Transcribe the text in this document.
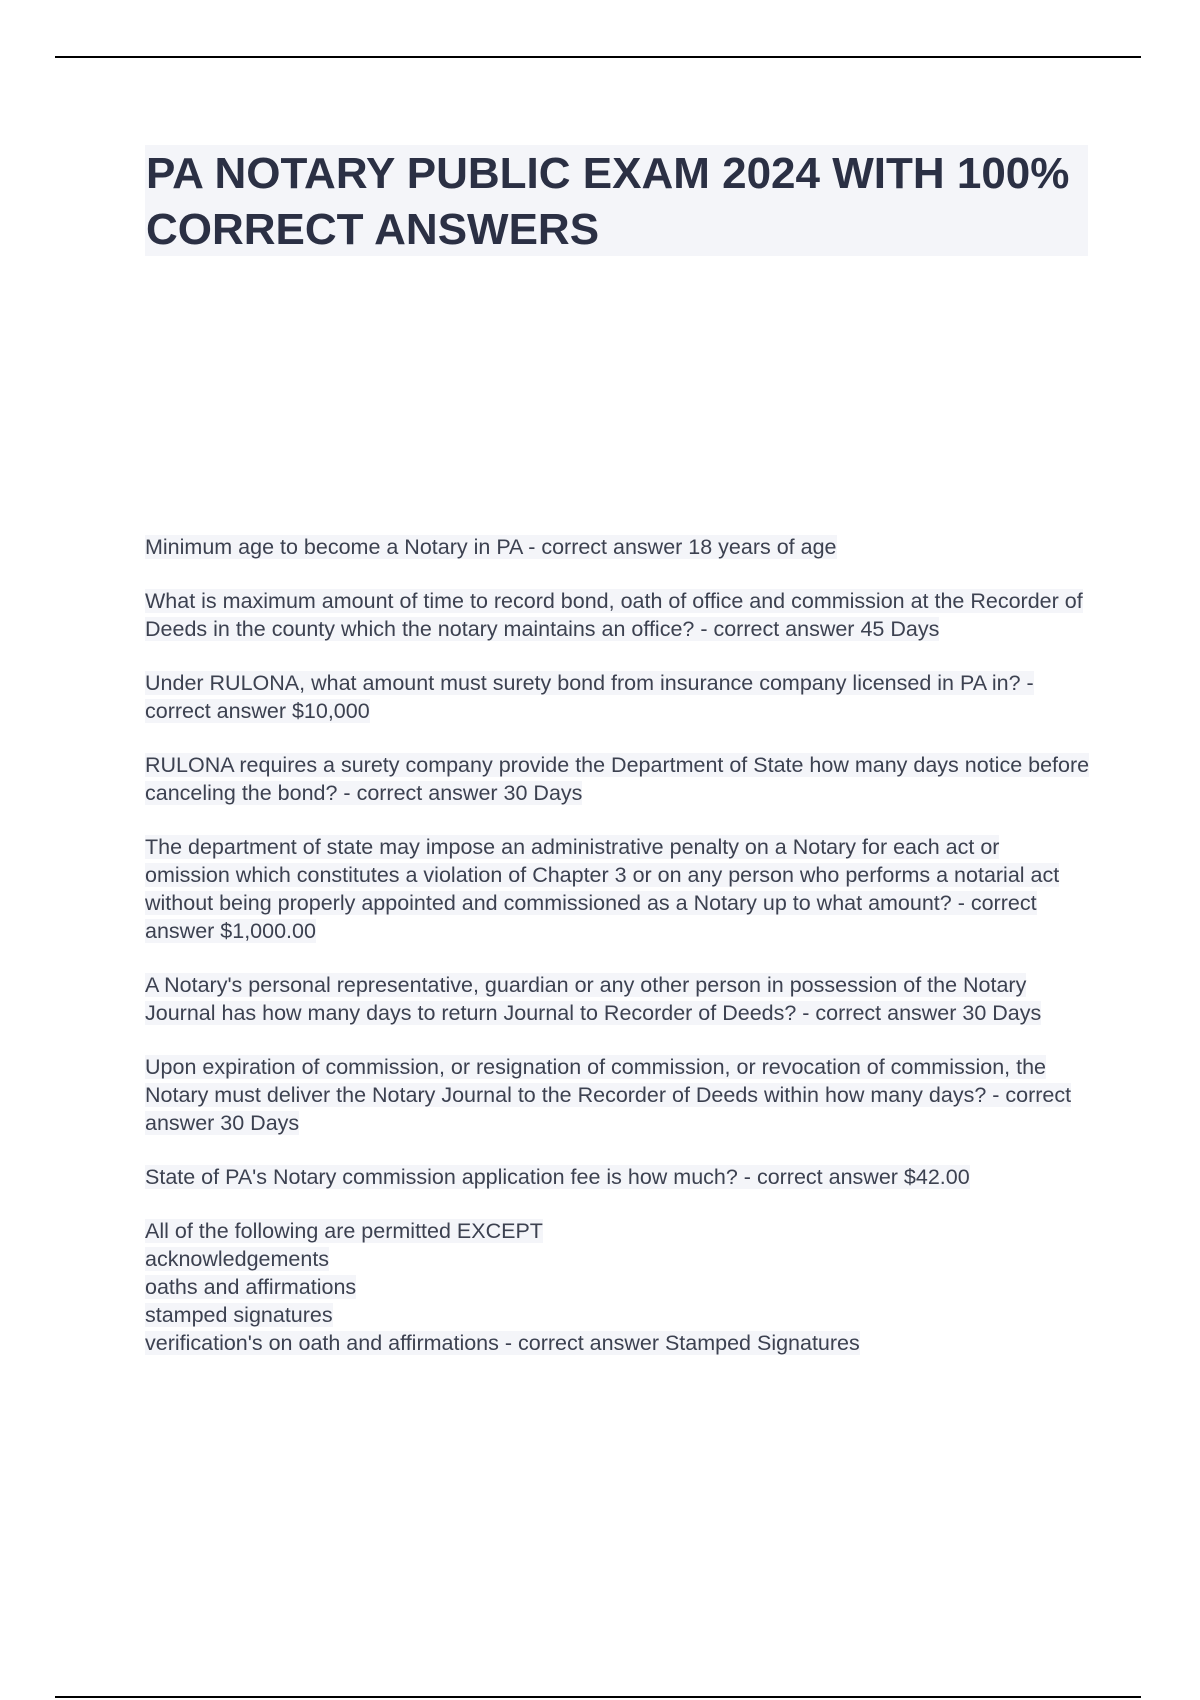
PA NOTARY PUBLIC EXAM 2024 WITH 100% CORRECT ANSWERS

Minimum age to become a Notary in PA - correct answer 18 years of age

What is maximum amount of time to record bond, oath of office and commission at the Recorder of Deeds in the county which the notary maintains an office? - correct answer 45 Days

Under RULONA, what amount must surety bond from insurance company licensed in PA in? - correct answer $10,000

RULONA requires a surety company provide the Department of State how many days notice before canceling the bond? - correct answer 30 Days

The department of state may impose an administrative penalty on a Notary for each act or omission which constitutes a violation of Chapter 3 or on any person who performs a notarial act without being properly appointed and commissioned as a Notary up to what amount? - correct answer $1,000.00

A Notary's personal representative, guardian or any other person in possession of the Notary Journal has how many days to return Journal to Recorder of Deeds? - correct answer 30 Days

Upon expiration of commission, or resignation of commission, or revocation of commission, the Notary must deliver the Notary Journal to the Recorder of Deeds within how many days? - correct answer 30 Days

State of PA's Notary commission application fee is how much? - correct answer $42.00

All of the following are permitted EXCEPT
acknowledgements
oaths and affirmations
stamped signatures
verification's on oath and affirmations - correct answer Stamped Signatures
